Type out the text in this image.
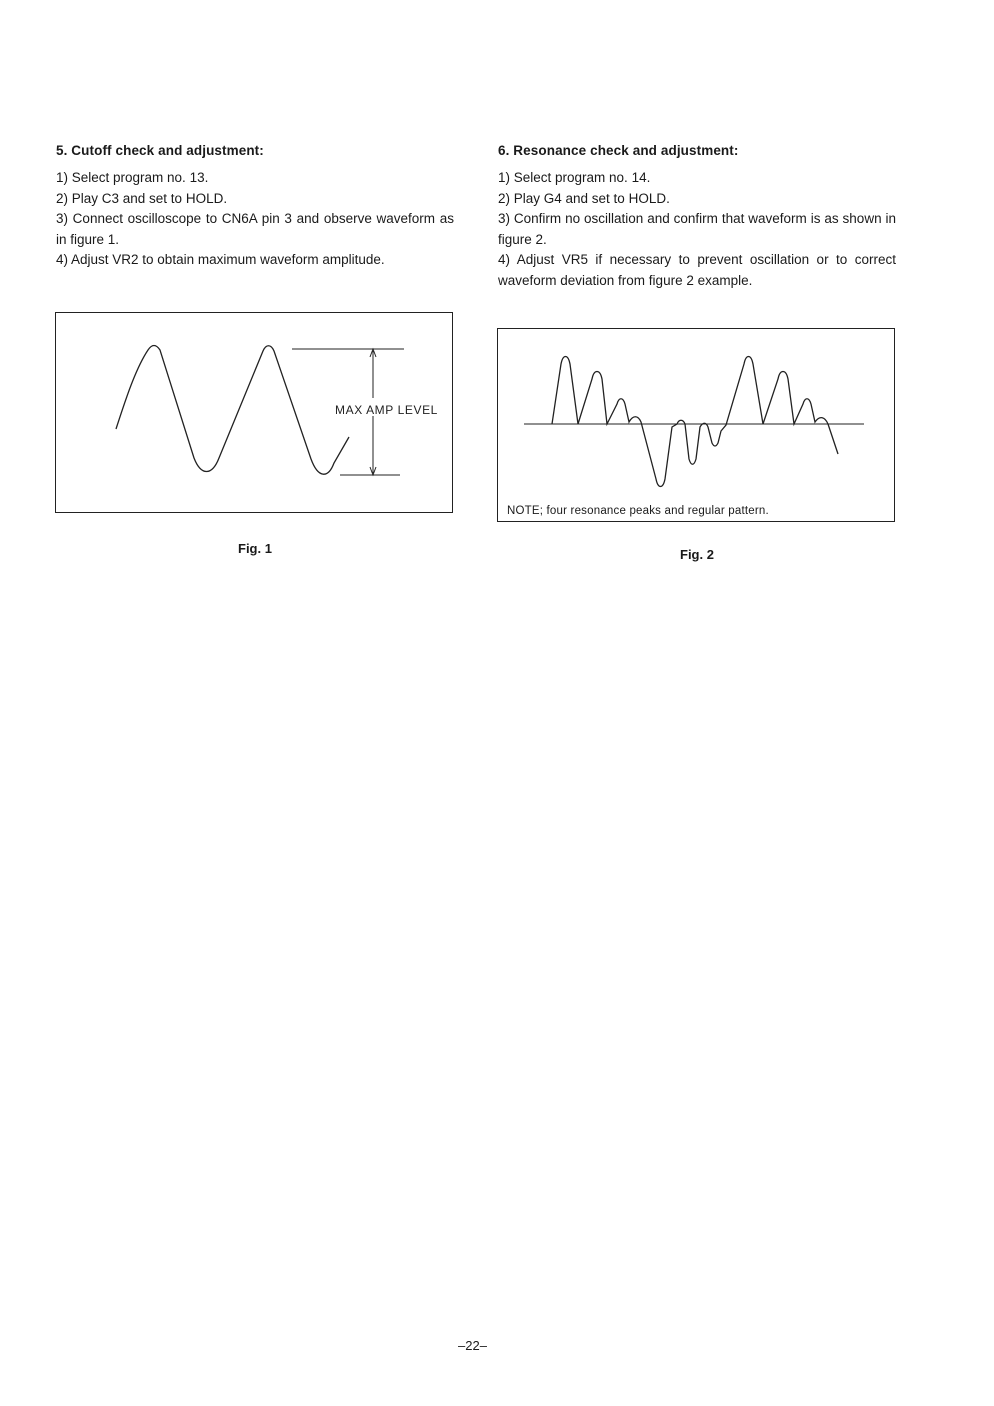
5. Cutoff check and adjustment:

1) Select program no. 13.

2) Play C3 and set to HOLD.

3) Connect oscilloscope to CN6A pin 3 and observe waveform as in figure 1.

4) Adjust VR2 to obtain maximum waveform amplitude.

6. Resonance check and adjustment:

1) Select program no. 14.

2) Play G4 and set to HOLD.

3) Confirm no oscillation and confirm that waveform is as shown in figure 2.

4) Adjust VR5 if necessary to prevent oscillation or to correct waveform deviation from figure 2 example.

MAX AMP LEVEL
Fig. 1
NOTE; four resonance peaks and regular pattern.
Fig. 2
–22–
